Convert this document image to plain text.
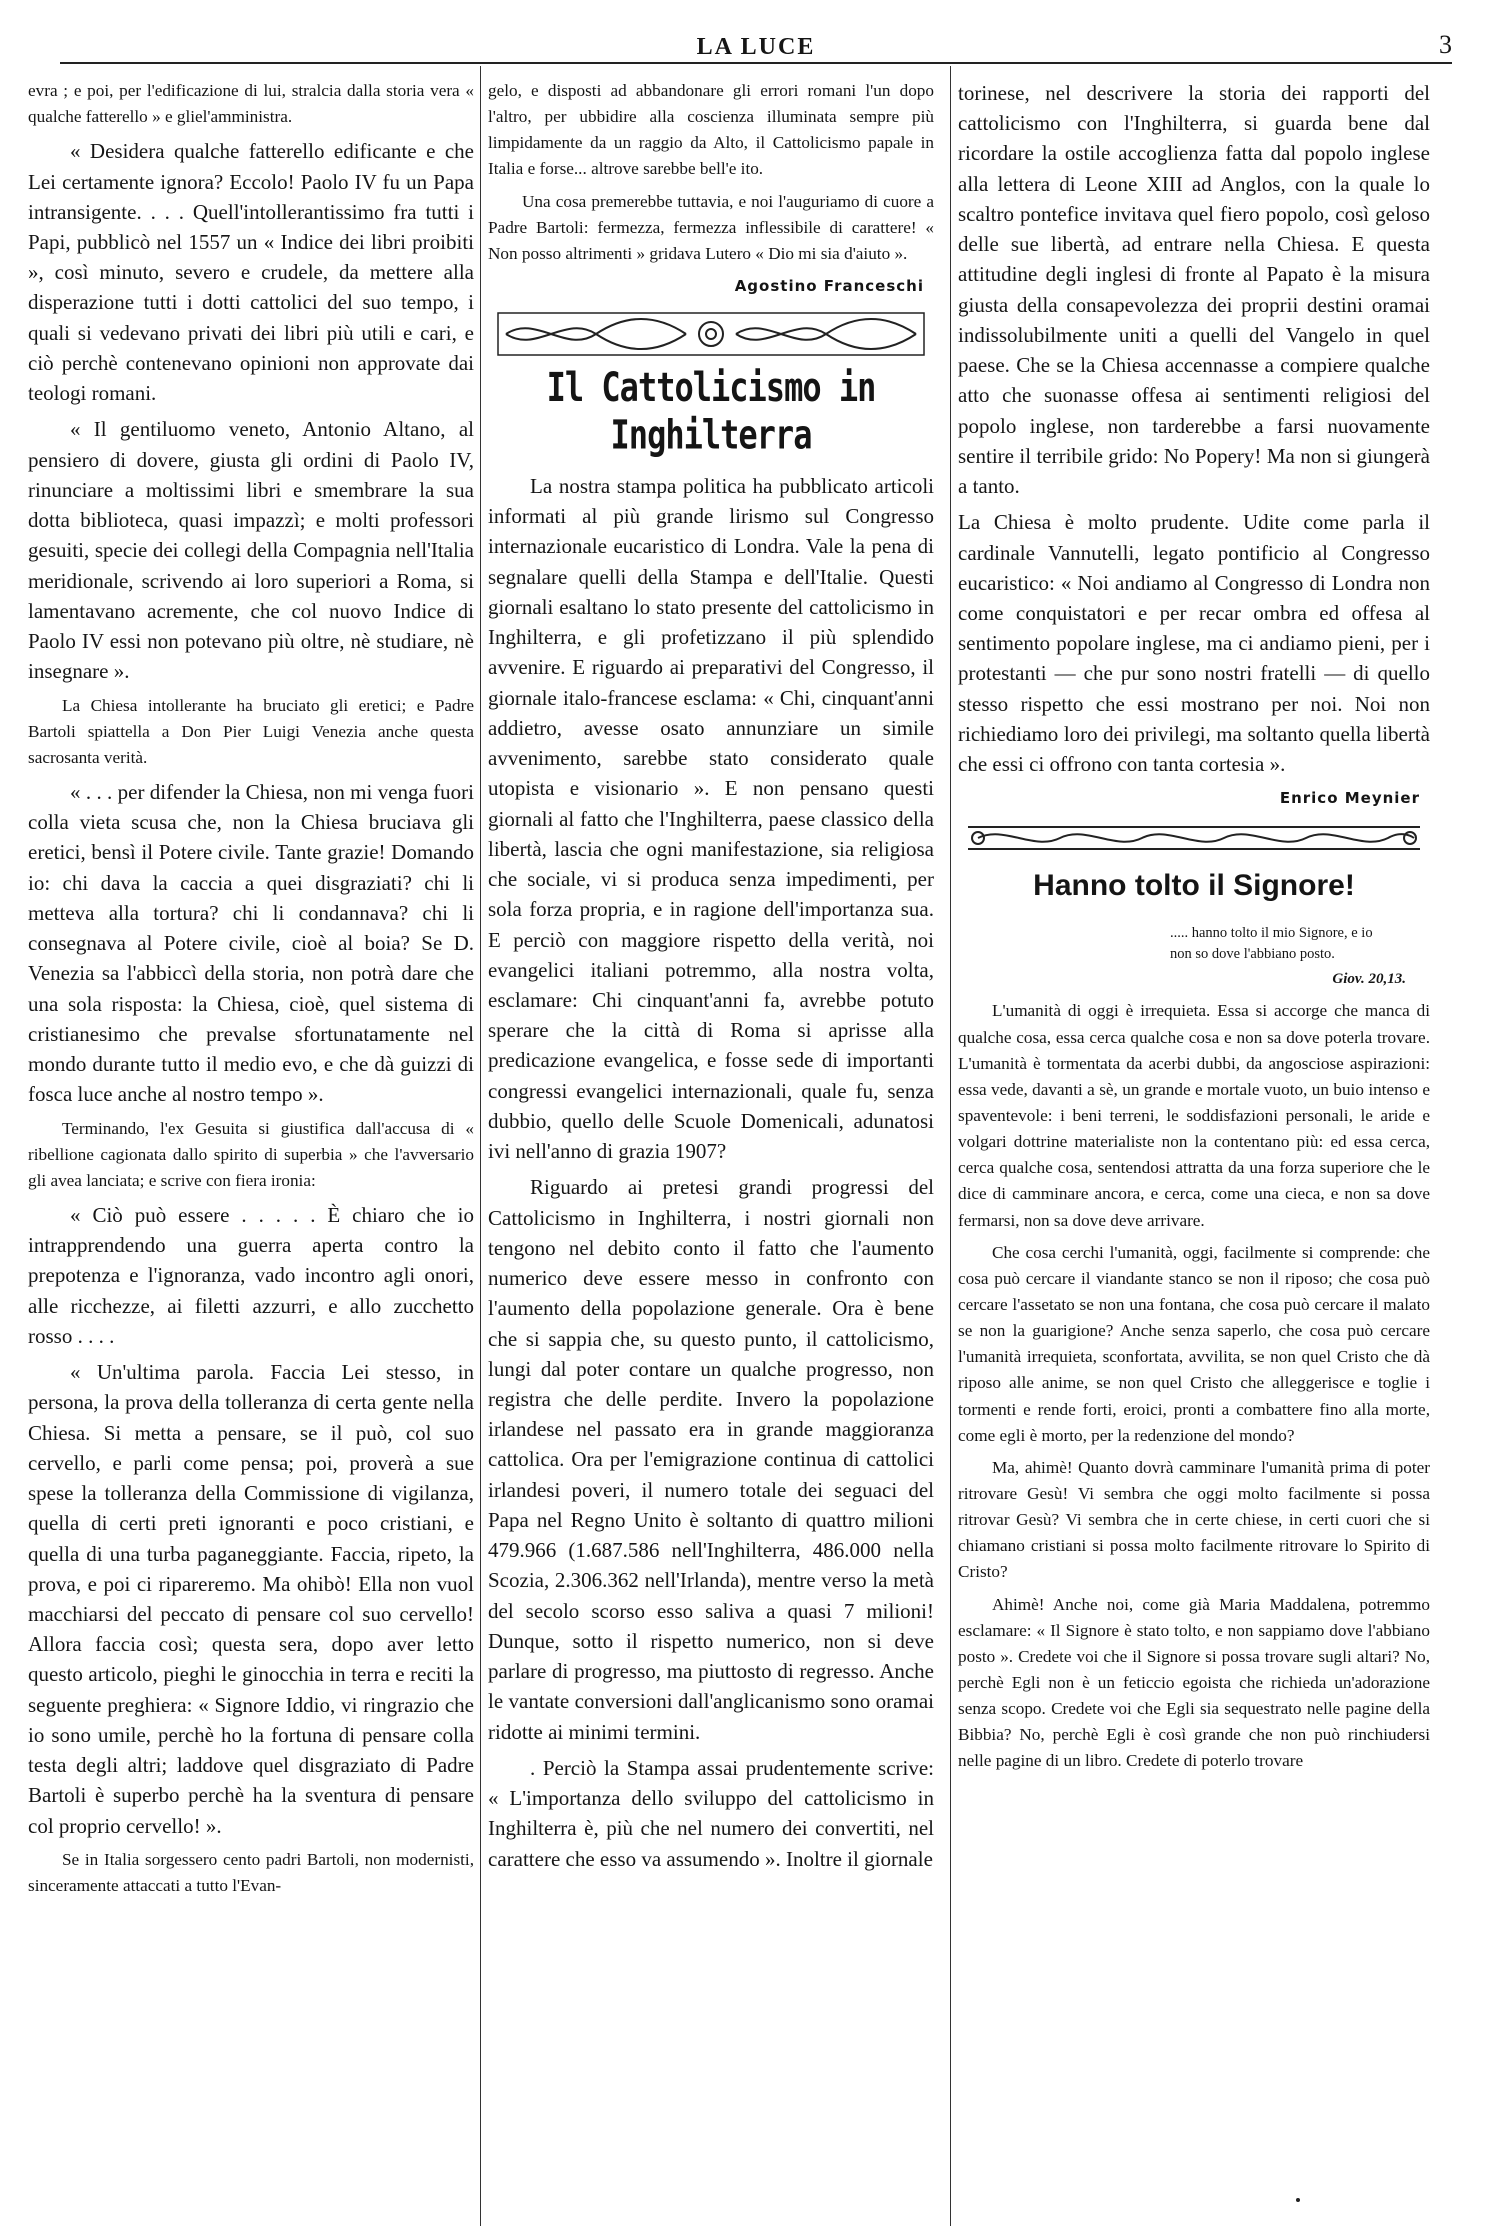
LA LUCE	3

evra ; e poi, per l'edificazione di lui, stralcia dalla storia vera « qualche fatterello » e gliel'amministra.

« Desidera qualche fatterello edificante e che Lei certamente ignora? Eccolo! Paolo IV fu un Papa intransigente. . . . Quell'intollerantissimo fra tutti i Papi, pubblicò nel 1557 un « Indice dei libri proibiti », così minuto, severo e crudele, da mettere alla disperazione tutti i dotti cattolici del suo tempo, i quali si vedevano privati dei libri più utili e cari, e ciò perchè contenevano opinioni non approvate dai teologi romani.

« Il gentiluomo veneto, Antonio Altano, al pensiero di dovere, giusta gli ordini di Paolo IV, rinunciare a moltissimi libri e smembrare la sua dotta biblioteca, quasi impazzì; e molti professori gesuiti, specie dei collegi della Compagnia nell'Italia meridionale, scrivendo ai loro superiori a Roma, si lamentavano acremente, che col nuovo Indice di Paolo IV essi non potevano più oltre, nè studiare, nè insegnare ».

La Chiesa intollerante ha bruciato gli eretici; e Padre Bartoli spiattella a Don Pier Luigi Venezia anche questa sacrosanta verità.

« . . . per difender la Chiesa, non mi venga fuori colla vieta scusa che, non la Chiesa bruciava gli eretici, bensì il Potere civile. Tante grazie! Domando io: chi dava la caccia a quei disgraziati? chi li metteva alla tortura? chi li condannava? chi li consegnava al Potere civile, cioè al boia? Se D. Venezia sa l'abbiccì della storia, non potrà dare che una sola risposta: la Chiesa, cioè, quel sistema di cristianesimo che prevalse sfortunatamente nel mondo durante tutto il medio evo, e che dà guizzi di fosca luce anche al nostro tempo ».

Terminando, l'ex Gesuita si giustifica dall'accusa di « ribellione cagionata dallo spirito di superbia » che l'avversario gli avea lanciata; e scrive con fiera ironia:

« Ciò può essere . . . . . È chiaro che io intrapprendendo una guerra aperta contro la prepotenza e l'ignoranza, vado incontro agli onori, alle ricchezze, ai filetti azzurri, e allo zucchetto rosso . . . .

« Un'ultima parola. Faccia Lei stesso, in persona, la prova della tolleranza di certa gente nella Chiesa. Si metta a pensare, se il può, col suo cervello, e parli come pensa; poi, proverà a sue spese la tolleranza della Commissione di vigilanza, quella di certi preti ignoranti e poco cristiani, e quella di una turba paganeggiante. Faccia, ripeto, la prova, e poi ci ripareremo. Ma ohibò! Ella non vuol macchiarsi del peccato di pensare col suo cervello! Allora faccia così; questa sera, dopo aver letto questo articolo, pieghi le ginocchia in terra e reciti la seguente preghiera: « Signore Iddio, vi ringrazio che io sono umile, perchè ho la fortuna di pensare colla testa degli altri; laddove quel disgraziato di Padre Bartoli è superbo perchè ha la sventura di pensare col proprio cervello! ».

Se in Italia sorgessero cento padri Bartoli, non modernisti, sinceramente attaccati a tutto l'Evan-

gelo, e disposti ad abbandonare gli errori romani l'un dopo l'altro, per ubbidire alla coscienza illuminata sempre più limpidamente da un raggio da Alto, il Cattolicismo papale in Italia e forse... altrove sarebbe bell'e ito.

Una cosa premerebbe tuttavia, e noi l'auguriamo di cuore a Padre Bartoli: fermezza, fermezza inflessibile di carattere! « Non posso altrimenti » gridava Lutero « Dio mi sia d'aiuto ».

Agostino Franceschi
Il Cattolicismo in Inghilterra

La nostra stampa politica ha pubblicato articoli informati al più grande lirismo sul Congresso internazionale eucaristico di Londra. Vale la pena di segnalare quelli della Stampa e dell'Italie. Questi giornali esaltano lo stato presente del cattolicismo in Inghilterra, e gli profetizzano il più splendido avvenire. E riguardo ai preparativi del Congresso, il giornale italo-francese esclama: « Chi, cinquant'anni addietro, avesse osato annunziare un simile avvenimento, sarebbe stato considerato quale utopista e visionario ». E non pensano questi giornali al fatto che l'Inghilterra, paese classico della libertà, lascia che ogni manifestazione, sia religiosa che sociale, vi si produca senza impedimenti, per sola forza propria, e in ragione dell'importanza sua. E perciò con maggiore rispetto della verità, noi evangelici italiani potremmo, alla nostra volta, esclamare: Chi cinquant'anni fa, avrebbe potuto sperare che la città di Roma si aprisse alla predicazione evangelica, e fosse sede di importanti congressi evangelici internazionali, quale fu, senza dubbio, quello delle Scuole Domenicali, adunatosi ivi nell'anno di grazia 1907?

Riguardo ai pretesi grandi progressi del Cattolicismo in Inghilterra, i nostri giornali non tengono nel debito conto il fatto che l'aumento numerico deve essere messo in confronto con l'aumento della popolazione generale. Ora è bene che si sappia che, su questo punto, il cattolicismo, lungi dal poter contare un qualche progresso, non registra che delle perdite. Invero la popolazione irlandese nel passato era in grande maggioranza cattolica. Ora per l'emigrazione continua di cattolici irlandesi poveri, il numero totale dei seguaci del Papa nel Regno Unito è soltanto di quattro milioni 479.966 (1.687.586 nell'Inghilterra, 486.000 nella Scozia, 2.306.362 nell'Irlanda), mentre verso la metà del secolo scorso esso saliva a quasi 7 milioni! Dunque, sotto il rispetto numerico, non si deve parlare di progresso, ma piuttosto di regresso. Anche le vantate conversioni dall'anglicanismo sono oramai ridotte ai minimi termini.

. Perciò la Stampa assai prudentemente scrive: « L'importanza dello sviluppo del cattolicismo in Inghilterra è, più che nel numero dei convertiti, nel carattere che esso va assumendo ». Inoltre il giornale

torinese, nel descrivere la storia dei rapporti del cattolicismo con l'Inghilterra, si guarda bene dal ricordare la ostile accoglienza fatta dal popolo inglese alla lettera di Leone XIII ad Anglos, con la quale lo scaltro pontefice invitava quel fiero popolo, così geloso delle sue libertà, ad entrare nella Chiesa. E questa attitudine degli inglesi di fronte al Papato è la misura giusta della consapevolezza dei proprii destini oramai indissolubilmente uniti a quelli del Vangelo in quel paese. Che se la Chiesa accennasse a compiere qualche atto che suonasse offesa ai sentimenti religiosi del popolo inglese, non tarderebbe a farsi nuovamente sentire il terribile grido: No Popery! Ma non si giungerà a tanto.

La Chiesa è molto prudente. Udite come parla il cardinale Vannutelli, legato pontificio al Congresso eucaristico: « Noi andiamo al Congresso di Londra non come conquistatori e per recar ombra ed offesa al sentimento popolare inglese, ma ci andiamo pieni, per i protestanti — che pur sono nostri fratelli — di quello stesso rispetto che essi mostrano per noi. Noi non richiediamo loro dei privilegi, ma soltanto quella libertà che essi ci offrono con tanta cortesia ».

Enrico Meynier
Hanno tolto il Signore!

..... hanno tolto il mio Signore, e io non so dove l'abbiano posto.

Giov. 20,13.

L'umanità di oggi è irrequieta. Essa si accorge che manca di qualche cosa, essa cerca qualche cosa e non sa dove poterla trovare. L'umanità è tormentata da acerbi dubbi, da angosciose aspirazioni: essa vede, davanti a sè, un grande e mortale vuoto, un buio intenso e spaventevole: i beni terreni, le soddisfazioni personali, le aride e volgari dottrine materialiste non la contentano più: ed essa cerca, cerca qualche cosa, sentendosi attratta da una forza superiore che le dice di camminare ancora, e cerca, come una cieca, e non sa dove fermarsi, non sa dove deve arrivare.

Che cosa cerchi l'umanità, oggi, facilmente si comprende: che cosa può cercare il viandante stanco se non il riposo; che cosa può cercare l'assetato se non una fontana, che cosa può cercare il malato se non la guarigione? Anche senza saperlo, che cosa può cercare l'umanità irrequieta, sconfortata, avvilita, se non quel Cristo che dà riposo alle anime, se non quel Cristo che alleggerisce e toglie i tormenti e rende forti, eroici, pronti a combattere fino alla morte, come egli è morto, per la redenzione del mondo?

Ma, ahimè! Quanto dovrà camminare l'umanità prima di poter ritrovare Gesù! Vi sembra che oggi molto facilmente si possa ritrovar Gesù? Vi sembra che in certe chiese, in certi cuori che si chiamano cristiani si possa molto facilmente ritrovare lo Spirito di Cristo?

Ahimè! Anche noi, come già Maria Maddalena, potremmo esclamare: « Il Signore è stato tolto, e non sappiamo dove l'abbiano posto ». Credete voi che il Signore si possa trovare sugli altari? No, perchè Egli non è un feticcio egoista che richieda un'adorazione senza scopo. Credete voi che Egli sia sequestrato nelle pagine della Bibbia? No, perchè Egli è così grande che non può rinchiudersi nelle pagine di un libro. Credete di poterlo trovare
